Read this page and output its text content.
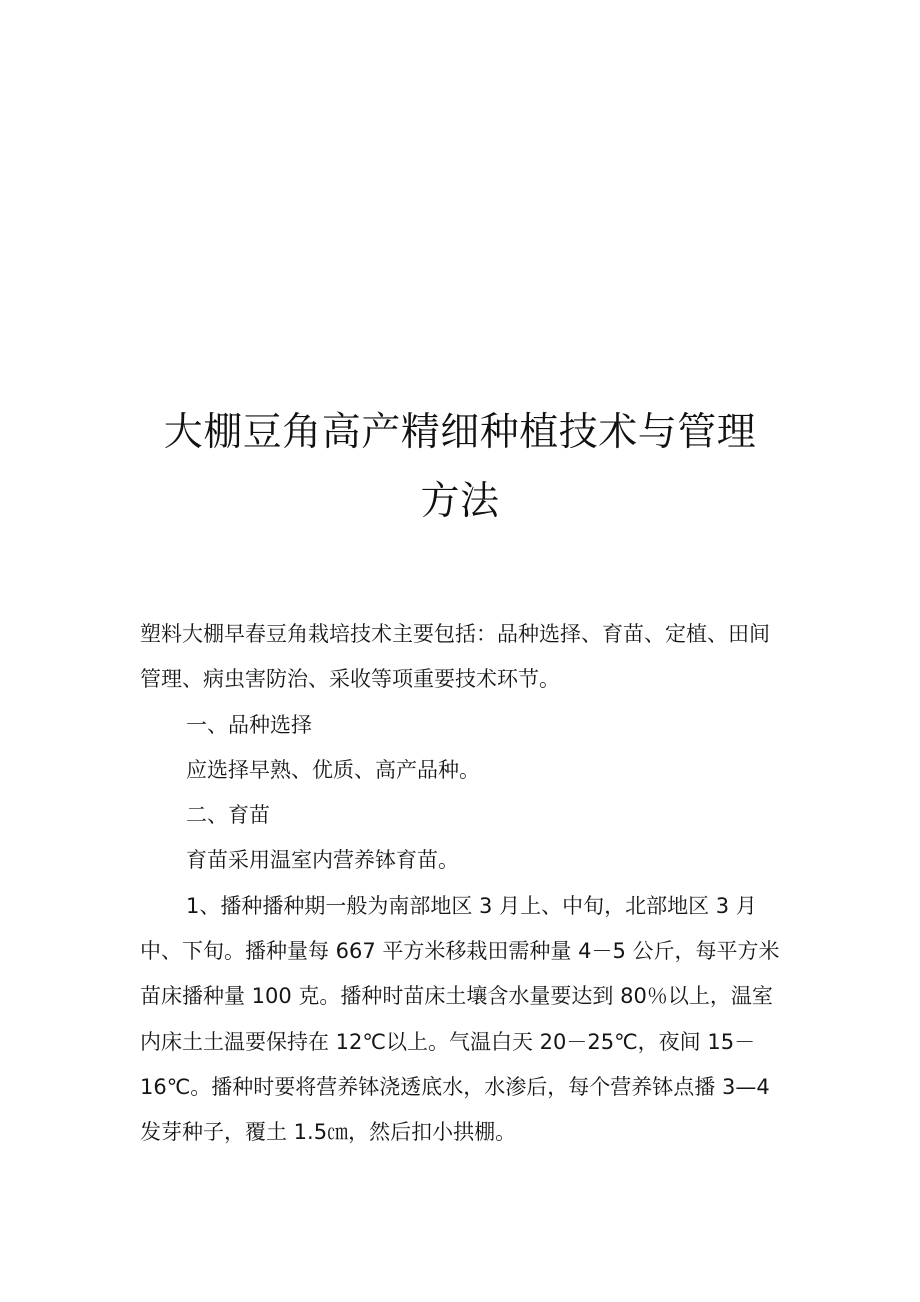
大棚豆角高产精细种植技术与管理
方法

塑料大棚早春豆角栽培技术主要包括：品种选择、育苗、定植、田间管理、病虫害防治、采收等项重要技术环节。

一、品种选择

应选择早熟、优质、高产品种。

二、育苗

育苗采用温室内营养钵育苗。

1、播种播种期一般为南部地区 3 月上、中旬，北部地区 3 月中、下旬。播种量每 667 平方米移栽田需种量 4－5 公斤，每平方米苗床播种量 100 克。播种时苗床土壤含水量要达到 80％以上，温室内床土土温要保持在 12℃以上。气温白天 20－25℃，夜间 15－16℃。播种时要将营养钵浇透底水，水渗后，每个营养钵点播 3—4 发芽种子，覆土 1.5㎝，然后扣小拱棚。
